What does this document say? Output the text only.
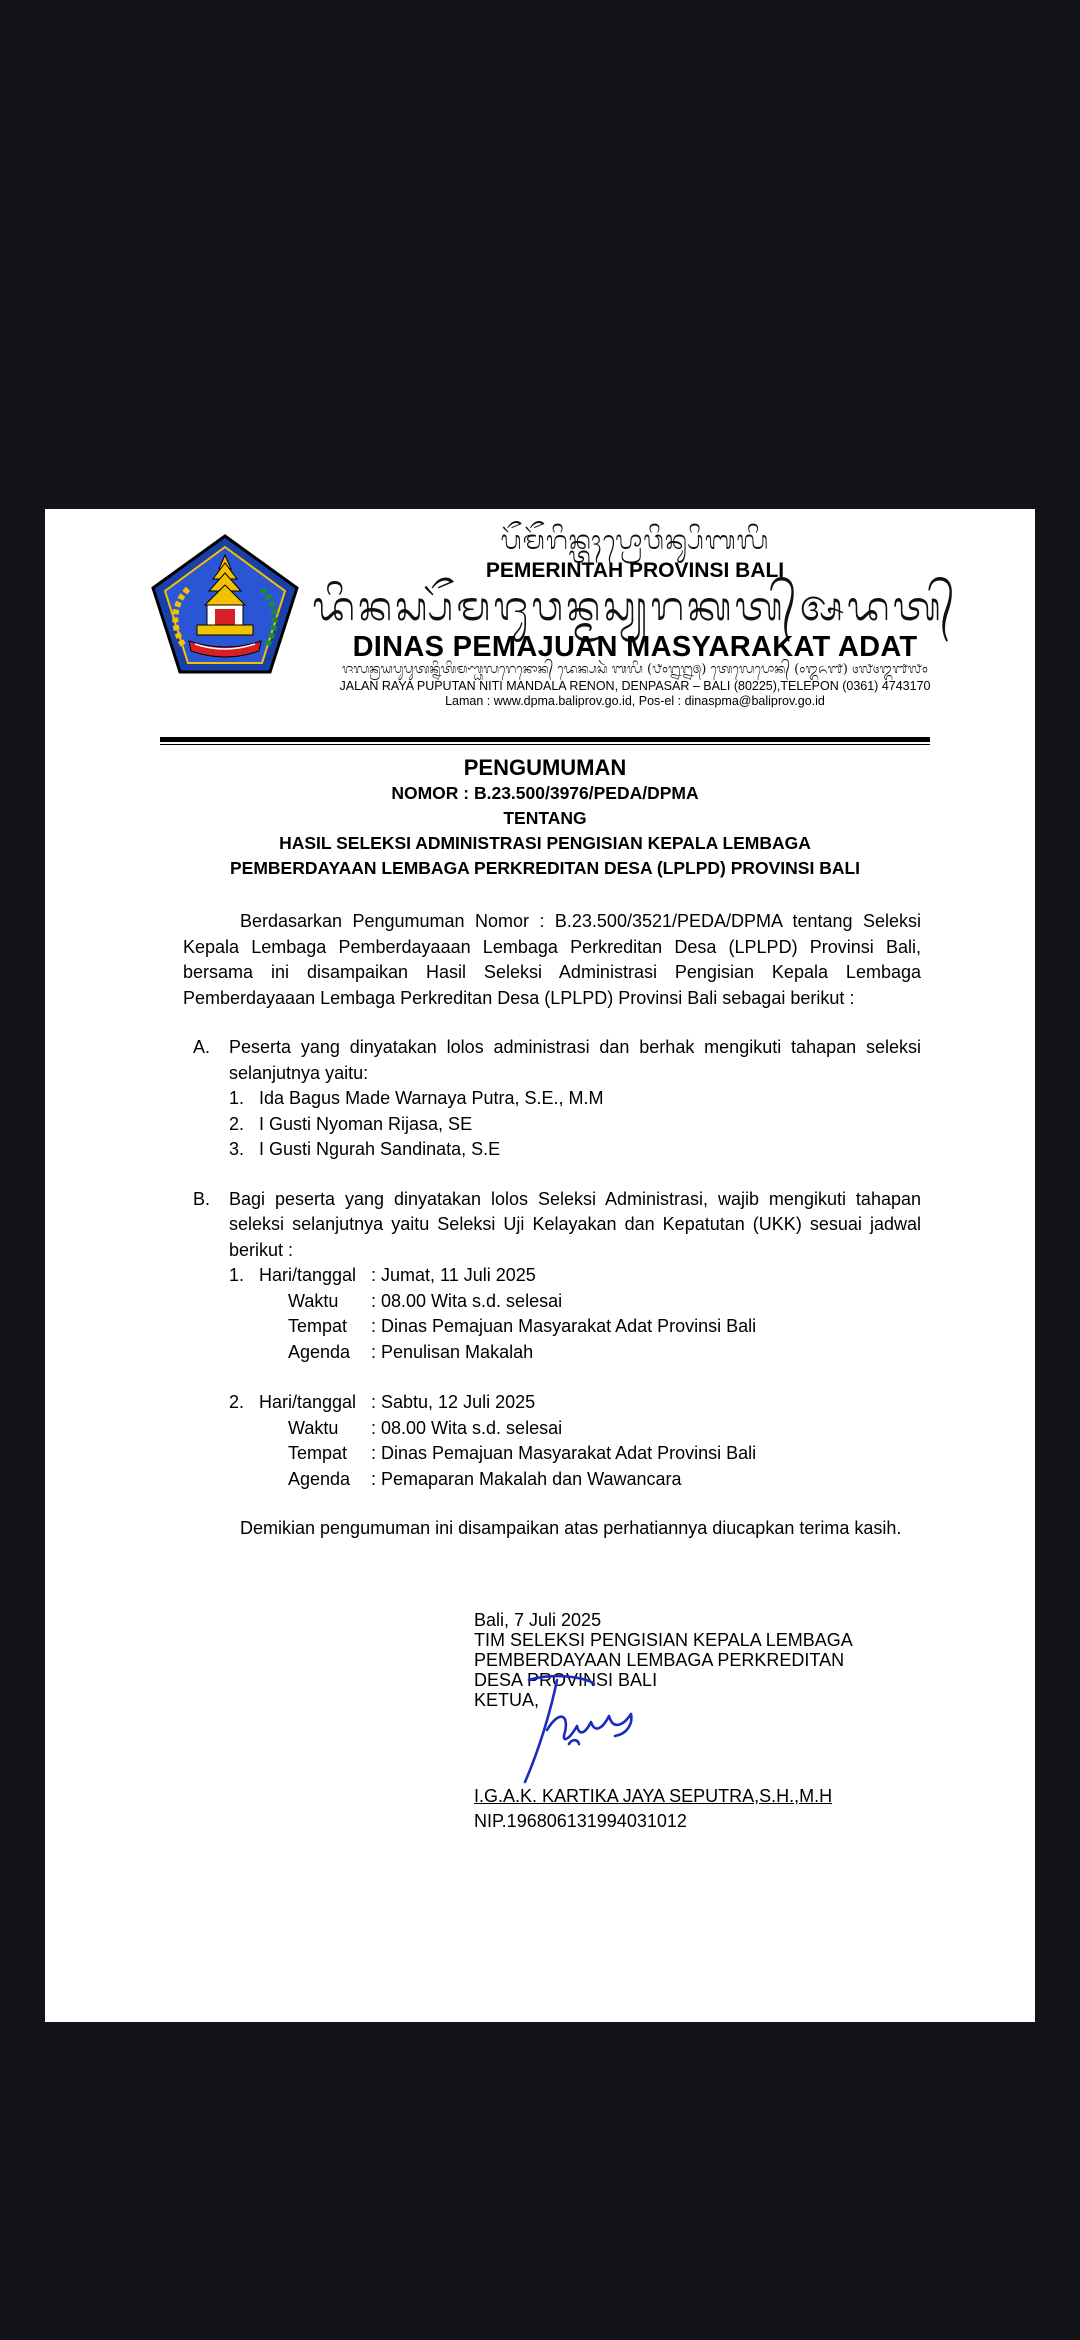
ᬧᭂᬫᭂᬭᬶᬦ᭄ᬢᬄᬧ᭄ᬭᭀᬯᬶᬦ᭄ᬲᬶᬩᬮᬶ
PEMERINTAH PROVINSI BALI
ᬤᬶᬦᬲ᭄ᬧᭂᬫᬚᬸᬯᬦ᭄ᬫᬲ᭄ᬬᬭᬓᬢ᭄ᬅᬤᬢ᭄
DINAS PEMAJUAN MASYARAKAT ADAT
ᬚᬮᬦ᭄ᬭᬬᬧᬸᬧᬸᬢᬦ᭄ᬦᬶᬢᬶᬫᬡ᭄ᬟᬮᬭᬾᬦᭀᬦ᭄ ᬤᬾᬦ᭄ᬧᬲᬃ ᬩᬮᬶ (᭘᭐᭒᭒᭕) ᬢᬾᬮᬾᬧᭀᬦ᭄ (᭐᭓᭖᭑) ᭔᭗᭔᭓᭑᭗᭐
JALAN RAYA PUPUTAN NITI MANDALA RENON, DENPASAR – BALI (80225),TELEPON (0361) 4743170
Laman : www.dpma.baliprov.go.id, Pos-el : dinaspma@baliprov.go.id
PENGUMUMAN
NOMOR : B.23.500/3976/PEDA/DPMA
TENTANG
HASIL SELEKSI ADMINISTRASI PENGISIAN KEPALA LEMBAGA
PEMBERDAYAAN LEMBAGA PERKREDITAN DESA (LPLPD) PROVINSI BALI

Berdasarkan Pengumuman Nomor : B.23.500/3521/PEDA/DPMA tentang Seleksi Kepala Lembaga Pemberdayaaan Lembaga Perkreditan Desa (LPLPD) Provinsi Bali, bersama ini disampaikan Hasil Seleksi Administrasi Pengisian Kepala Lembaga Pemberdayaaan Lembaga Perkreditan Desa (LPLPD) Provinsi Bali sebagai berikut :

A. Peserta yang dinyatakan lolos administrasi dan berhak mengikuti tahapan seleksi selanjutnya yaitu:

1. Ida Bagus Made Warnaya Putra, S.E., M.M
2. I Gusti Nyoman Rijasa, SE
3. I Gusti Ngurah Sandinata, S.E
B. Bagi peserta yang dinyatakan lolos Seleksi Administrasi, wajib mengikuti tahapan seleksi selanjutnya yaitu Seleksi Uji Kelayakan dan Kepatutan (UKK) sesuai jadwal berikut :

1. Hari/tanggal : Jumat, 11 Juli 2025
Waktu	: 08.00 Wita s.d. selesai
Tempat	: Dinas Pemajuan Masyarakat Adat Provinsi Bali
Agenda	: Penulisan Makalah
2. Hari/tanggal : Sabtu, 12 Juli 2025
Waktu	: 08.00 Wita s.d. selesai
Tempat	: Dinas Pemajuan Masyarakat Adat Provinsi Bali
Agenda	: Pemaparan Makalah dan Wawancara

Demikian pengumuman ini disampaikan atas perhatiannya diucapkan terima kasih.

Bali, 7 Juli 2025
TIM SELEKSI PENGISIAN KEPALA LEMBAGA
PEMBERDAYAAN LEMBAGA PERKREDITAN
DESA PROVINSI BALI
KETUA,
I.G.A.K. KARTIKA JAYA SEPUTRA,S.H.,M.H
NIP.196806131994031012
